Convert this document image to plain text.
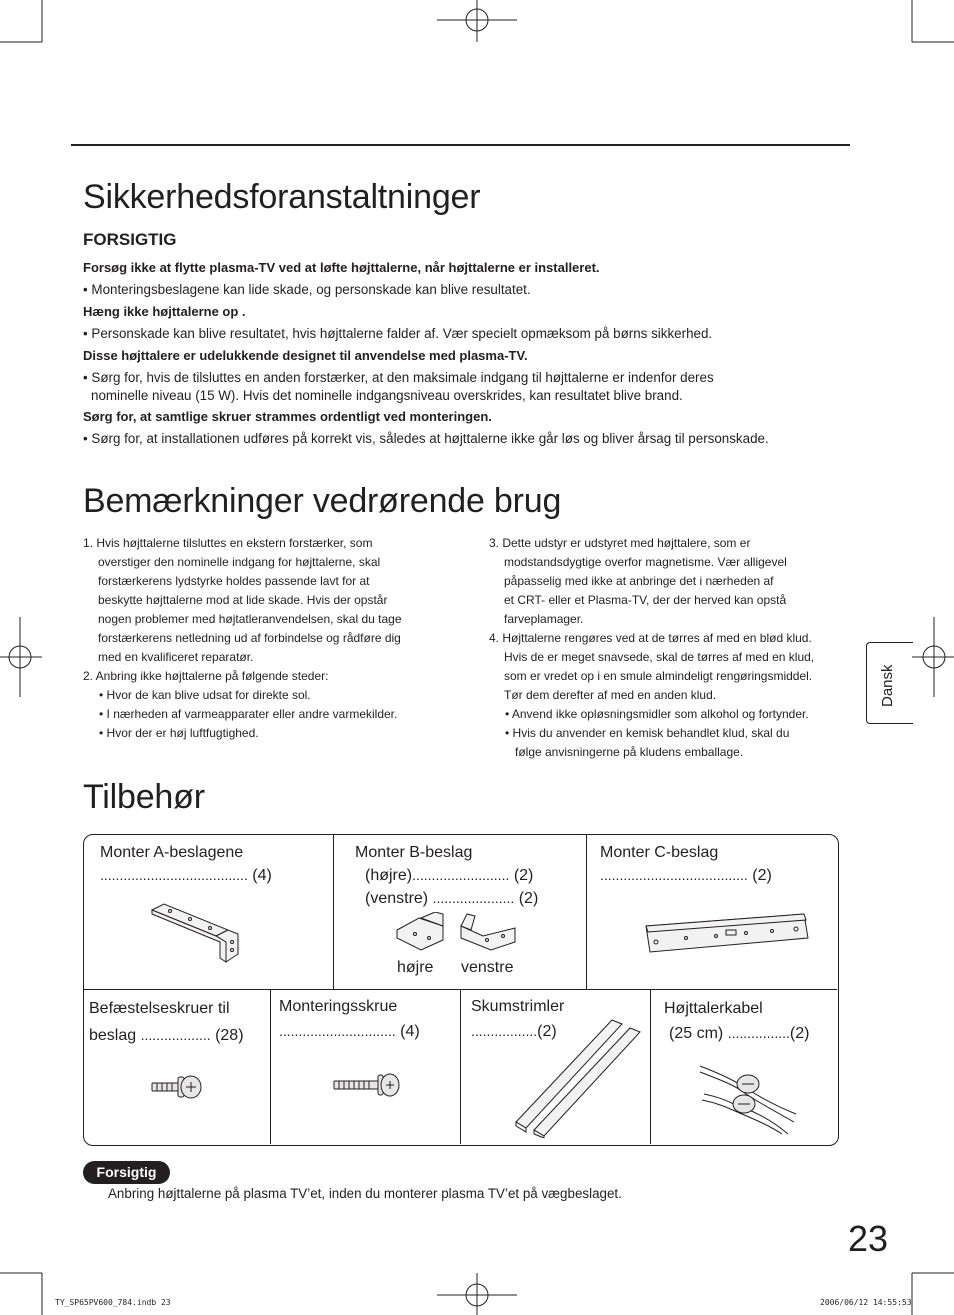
Sikkerhedsforanstaltninger
FORSIGTIG
Forsøg ikke at flytte plasma-TV ved at løfte højttalerne, når højttalerne er installeret.
• Monteringsbeslagene kan lide skade, og personskade kan blive resultatet.
Hæng ikke højttalerne op .
• Personskade kan blive resultatet, hvis højttalerne falder af. Vær specielt opmæksom på børns sikkerhed.
Disse højttalere er udelukkende designet til anvendelse med plasma-TV.
• Sørg for, hvis de tilsluttes en anden forstærker, at den maksimale indgang til højttalerne er indenfor deres
nominelle niveau (15 W). Hvis det nominelle indgangsniveau overskrides, kan resultatet blive brand.
Sørg for, at samtlige skruer strammes ordentligt ved monteringen.
• Sørg for, at installationen udføres på korrekt vis, således at højttalerne ikke går løs og bliver årsag til personskade.
Bemærkninger vedrørende brug

1. Hvis højttalerne tilsluttes en ekstern forstærker, som

overstiger den nominelle indgang for højttalerne, skal

forstærkerens lydstyrke holdes passende lavt for at

beskytte højttalerne mod at lide skade. Hvis der opstår

nogen problemer med højtatleranvendelsen, skal du tage

forstærkerens netledning ud af forbindelse og rådføre dig

med en kvalificeret reparatør.

2. Anbring ikke højttalerne på følgende steder:

• Hvor de kan blive udsat for direkte sol.

• I nærheden af varmeapparater eller andre varmekilder.

• Hvor der er høj luftfugtighed.

3. Dette udstyr er udstyret med højttalere, som er

modstandsdygtige overfor magnetisme. Vær alligevel

påpasselig med ikke at anbringe det i nærheden af

et CRT- eller et Plasma-TV, der der herved kan opstå

farveplamager.

4. Højttalerne rengøres ved at de tørres af med en blød klud.

Hvis de er meget snavsede, skal de tørres af med en klud,

som er vredet op i en smule almindeligt rengøringsmiddel.

Tør dem derefter af med en anden klud.

• Anvend ikke opløsningsmidler som alkohol og fortynder.

• Hvis du anvender en kemisk behandlet klud, skal du

følge anvisningerne på kludens emballage.

Dansk
Tilbehør
Monter A-beslagene
...................................... (4)
Monter B-beslag
(højre)......................... (2)
(venstre) ..................... (2)
højre venstre
Monter C-beslag
...................................... (2)
Befæstelseskruer til
beslag .................. (28)
Monteringsskrue
.............................. (4)
Skumstrimler
.................(2)
Højttalerkabel
(25 cm) ................(2)
Forsigtig
Anbring højttalerne på plasma TV’et, inden du monterer plasma TV’et på vægbeslaget.
23
TY_SP65PV600_784.indb 23	2006/06/12 14:55:53
